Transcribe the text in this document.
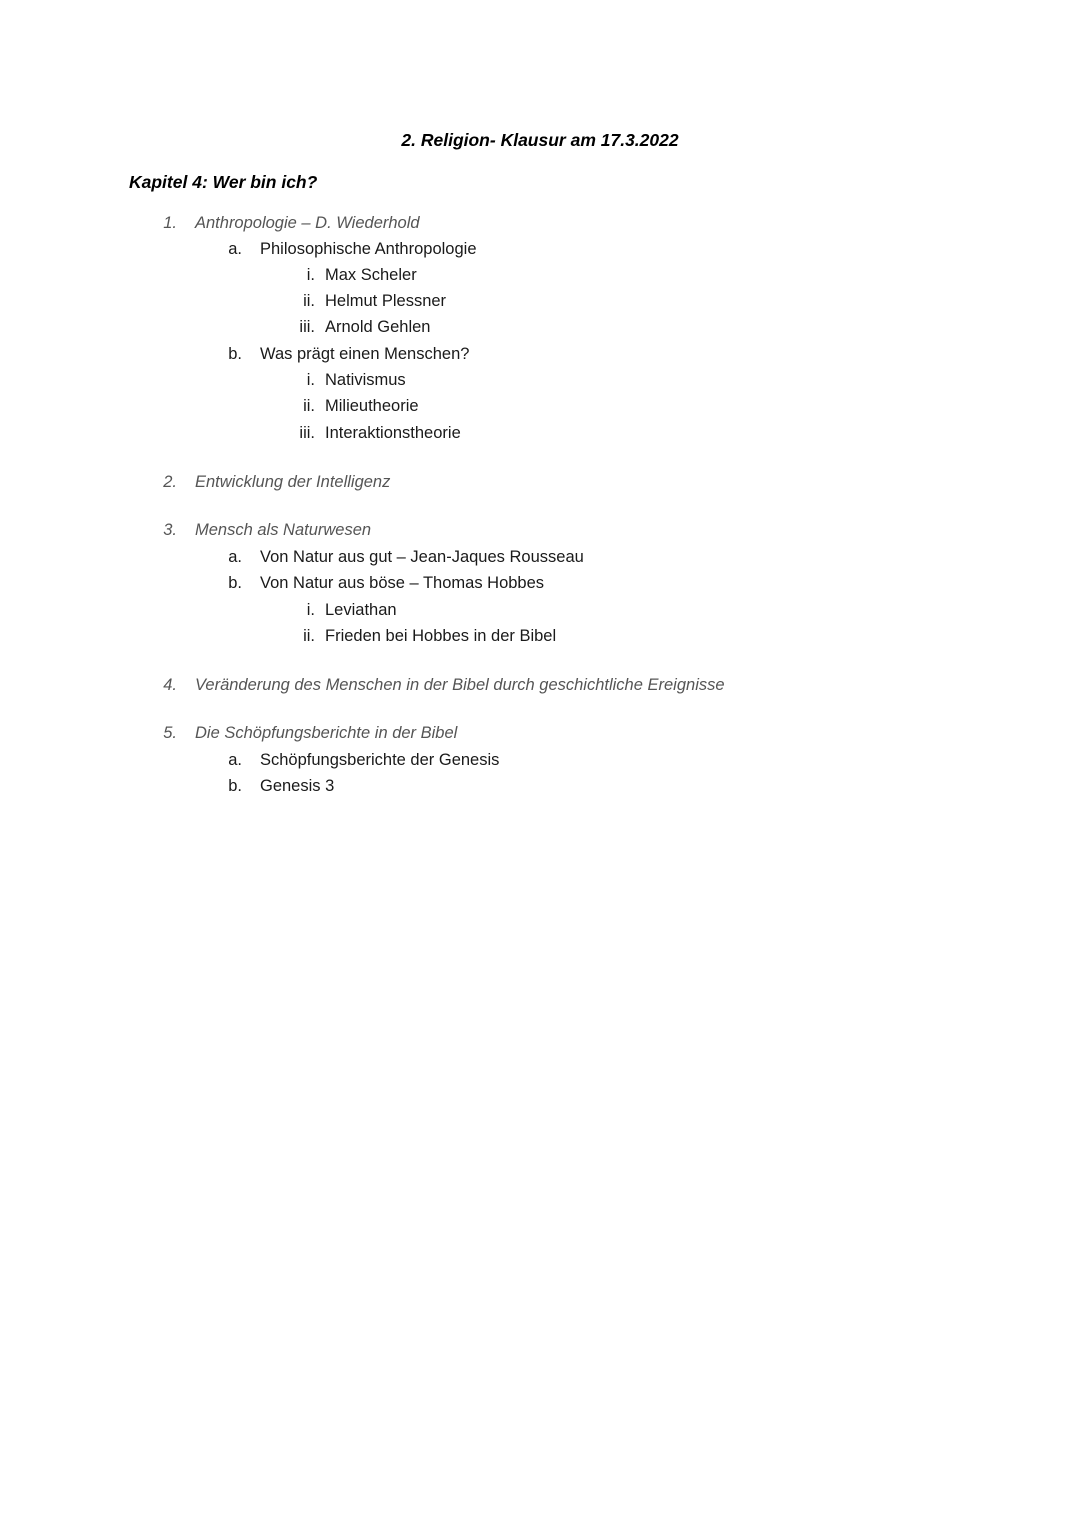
2. Religion- Klausur am 17.3.2022
Kapitel 4: Wer bin ich?
1. Anthropologie – D. Wiederhold
a. Philosophische Anthropologie
i. Max Scheler
ii. Helmut Plessner
iii. Arnold Gehlen
b. Was prägt einen Menschen?
i. Nativismus
ii. Milieutheorie
iii. Interaktionstheorie
2. Entwicklung der Intelligenz
3. Mensch als Naturwesen
a. Von Natur aus gut – Jean-Jaques Rousseau
b. Von Natur aus böse – Thomas Hobbes
i. Leviathan
ii. Frieden bei Hobbes in der Bibel
4. Veränderung des Menschen in der Bibel durch geschichtliche Ereignisse
5. Die Schöpfungsberichte in der Bibel
a. Schöpfungsberichte der Genesis
b. Genesis 3
